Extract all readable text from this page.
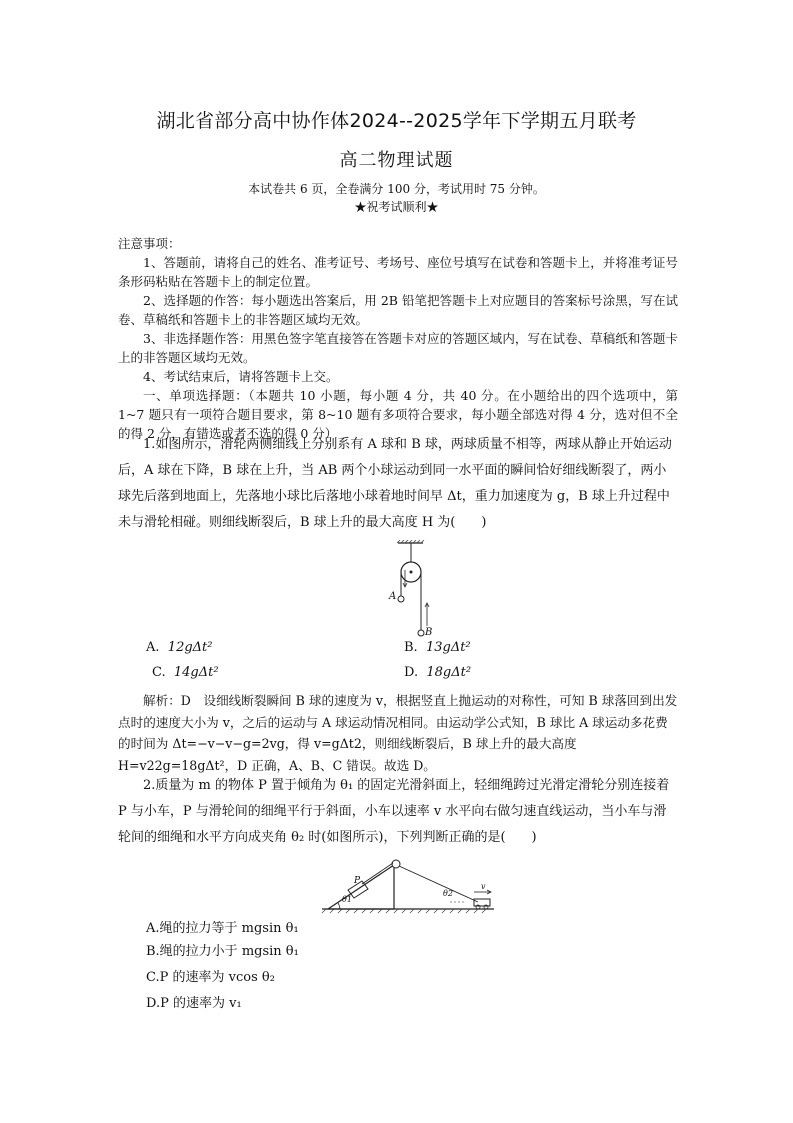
湖北省部分高中协作体2024--2025学年下学期五月联考
高二物理试题
本试卷共 6 页，全卷满分 100 分，考试用时 75 分钟。
★祝考试顺利★
注意事项：
1、答题前，请将自己的姓名、准考证号、考场号、座位号填写在试卷和答题卡上，并将准考证号条形码粘贴在答题卡上的制定位置。
2、选择题的作答：每小题选出答案后，用 2B 铅笔把答题卡上对应题目的答案标号涂黑，写在试卷、草稿纸和答题卡上的非答题区域均无效。
3、非选择题作答：用黑色签字笔直接答在答题卡对应的答题区域内，写在试卷、草稿纸和答题卡上的非答题区域均无效。
4、考试结束后，请将答题卡上交。
一、单项选择题：（本题共 10 小题，每小题 4 分，共 40 分。在小题给出的四个选项中，第 1~7 题只有一项符合题目要求，第 8~10 题有多项符合要求，每小题全部选对得 4 分，选对但不全的得 2 分，有错选或者不选的得 0 分）
1.如图所示，滑轮两侧细线上分别系有 A 球和 B 球，两球质量不相等，两球从静止开始运动后，A 球在下降，B 球在上升，当 AB 两个小球运动到同一水平面的瞬间恰好细线断裂了，两小球先后落到地面上，先落地小球比后落地小球着地时间早 Δt，重力加速度为 g，B 球上升过程中未与滑轮相碰。则细线断裂后，B 球上升的最大高度 H 为(　　)
A
B
A. 12gΔt²	B. 13gΔt²
C. 14gΔt²	D. 18gΔt²
解析：D　设细线断裂瞬间 B 球的速度为 v，根据竖直上抛运动的对称性，可知 B 球落回到出发点时的速度大小为 v，之后的运动与 A 球运动情况相同。由运动学公式知，B 球比 A 球运动多花费的时间为 Δt=−v−v−g=2vg，得 v=gΔt2，则细线断裂后，B 球上升的最大高度 H=v22g=18gΔt²，D 正确，A、B、C 错误。故选 D。
2.质量为 m 的物体 P 置于倾角为 θ₁ 的固定光滑斜面上，轻细绳跨过光滑定滑轮分别连接着 P 与小车，P 与滑轮间的细绳平行于斜面，小车以速率 v 水平向右做匀速直线运动，当小车与滑轮间的细绳和水平方向成夹角 θ₂ 时(如图所示)，下列判断正确的是(　　)
P
θ1
θ2
v
A.绳的拉力等于 mgsin θ₁
B.绳的拉力小于 mgsin θ₁
C.P 的速率为 vcos θ₂
D.P 的速率为 v₁
